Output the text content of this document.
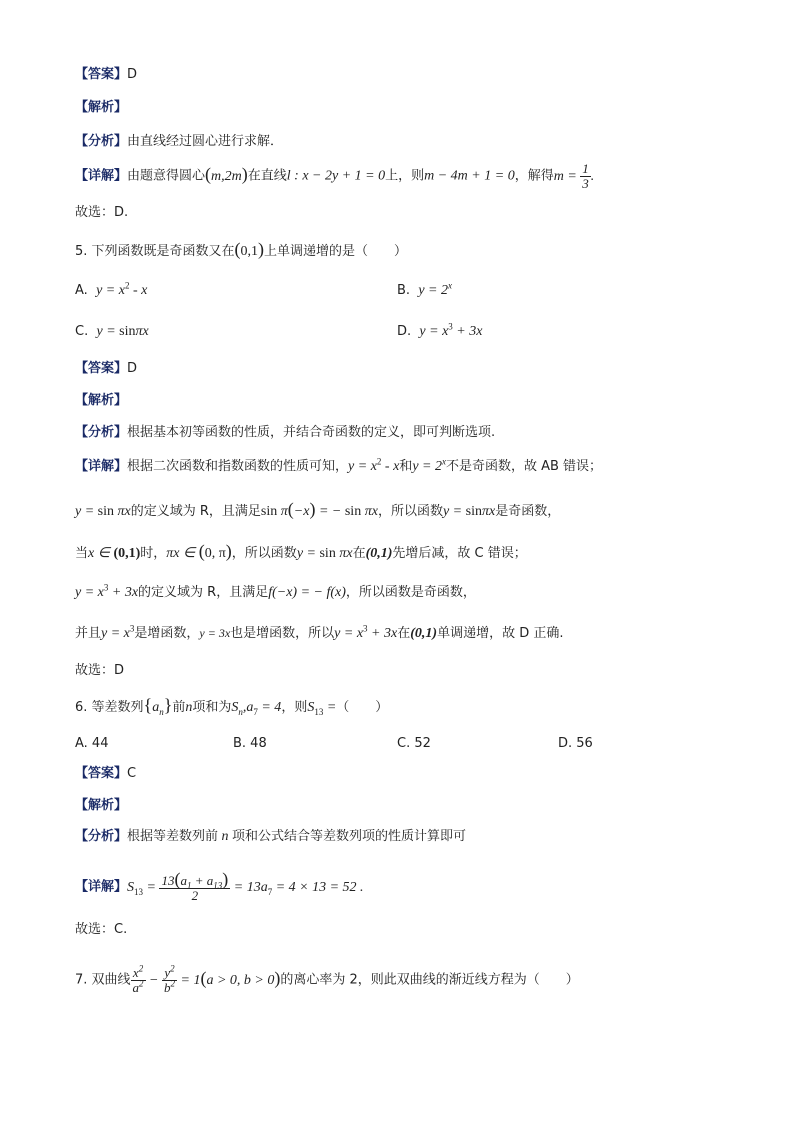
【答案】D
【解析】
【分析】由直线经过圆心进行求解．
【详解】由题意得圆心(m,2m)在直线l : x − 2y + 1 = 0上，则m − 4m + 1 = 0，解得$m = \frac{1}{3}$ .
故选：D.
5. 下列函数既是奇函数又在(0,1)上单调递增的是（　　）
A. $y = x^2 - x$	B. $y = 2^x$
C. y = sinπx	D. $y = x^3 + 3x$
【答案】D
【解析】
【分析】根据基本初等函数的性质，并结合奇函数的定义，即可判断选项.
【详解】根据二次函数和指数函数的性质可知，$y = x^2 - x$和$y = 2^x$不是奇函数，故 AB 错误；
y = sin πx的定义域为 R，且满足sin π(−x) = − sin πx，所以函数y = sinπx是奇函数，
当x ∈ (0,1)时，πx ∈ (0, π)，所以函数y = sin πx在(0,1)先增后减，故 C 错误；
$y = x^3 + 3x$的定义域为 R，且满足f(−x) = − f(x)，所以函数是奇函数，
并且$y = x^3$是增函数，y = 3x也是增函数，所以$y = x^3 + 3x$在(0,1)单调递增，故 D 正确.
故选：D
6. 等差数列$\{a_n\}$前n项和为$S_n,a_7 = 4$，则$S_{13}$ =（　　）
A. 44	B. 48	C. 52	D. 56
【答案】C
【解析】
【分析】根据等差数列前 n 项和公式结合等差数列项的性质计算即可
【详解】$S_{13} = \frac{13(a_1 + a_{13})}{2} = 13a_7 = 4 \times 13 = 52$ .
故选：C.
7. 双曲线 $\frac{x^2}{a^2} - \frac{y^2}{b^2} = 1(a > 0$, b > 0)的离心率为 2，则此双曲线的渐近线方程为（　　）
